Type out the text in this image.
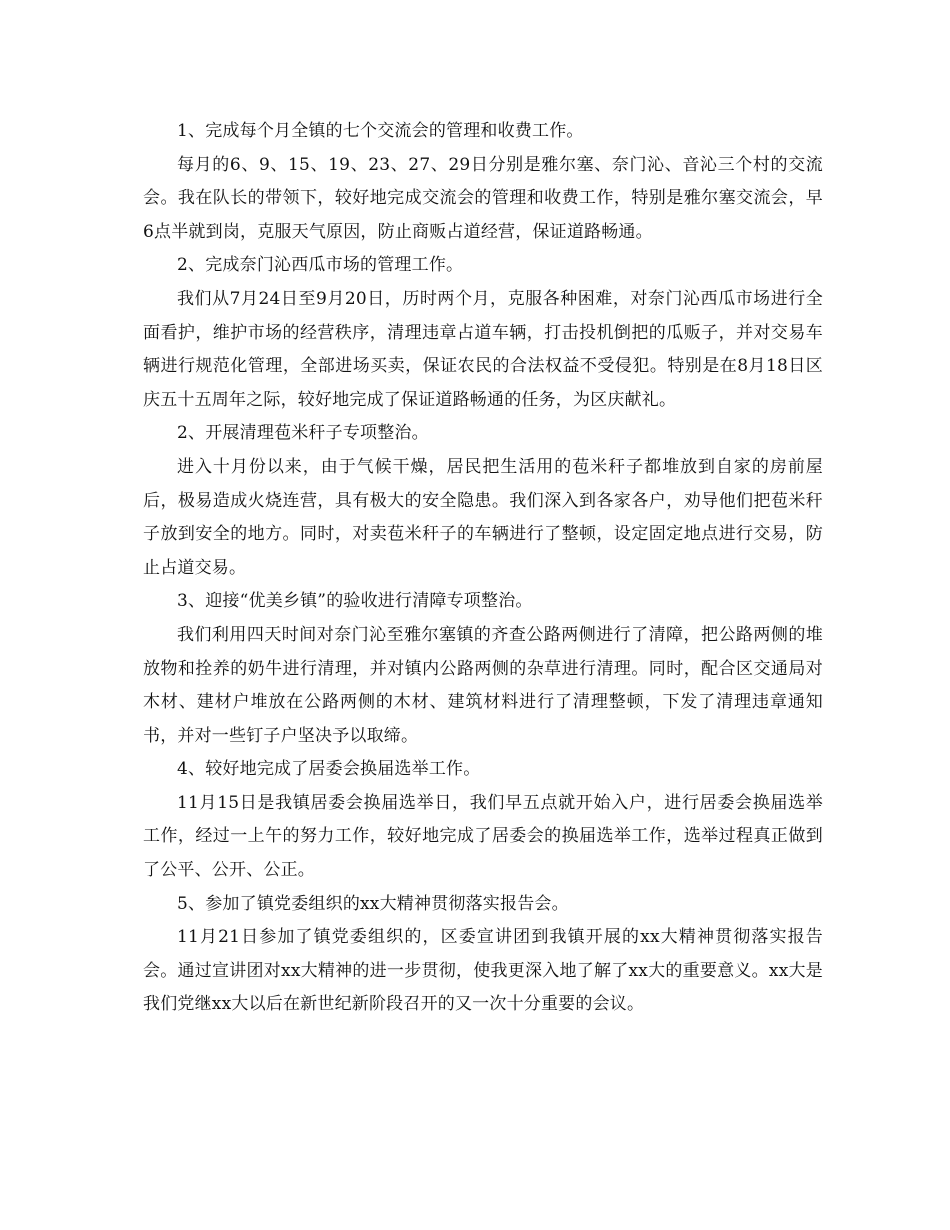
1、完成每个月全镇的七个交流会的管理和收费工作。

每月的6、9、15、19、23、27、29日分别是雅尔塞、奈门沁、音沁三个村的交流会。我在队长的带领下，较好地完成交流会的管理和收费工作，特别是雅尔塞交流会，早6点半就到岗，克服天气原因，防止商贩占道经营，保证道路畅通。

2、完成奈门沁西瓜市场的管理工作。

我们从7月24日至9月20日，历时两个月，克服各种困难，对奈门沁西瓜市场进行全面看护，维护市场的经营秩序，清理违章占道车辆，打击投机倒把的瓜贩子，并对交易车辆进行规范化管理，全部进场买卖，保证农民的合法权益不受侵犯。特别是在8月18日区庆五十五周年之际，较好地完成了保证道路畅通的任务，为区庆献礼。

2、开展清理苞米秆子专项整治。

进入十月份以来，由于气候干燥，居民把生活用的苞米秆子都堆放到自家的房前屋后，极易造成火烧连营，具有极大的安全隐患。我们深入到各家各户，劝导他们把苞米秆子放到安全的地方。同时，对卖苞米秆子的车辆进行了整顿，设定固定地点进行交易，防止占道交易。

3、迎接“优美乡镇”的验收进行清障专项整治。

我们利用四天时间对奈门沁至雅尔塞镇的齐查公路两侧进行了清障，把公路两侧的堆放物和拴养的奶牛进行清理，并对镇内公路两侧的杂草进行清理。同时，配合区交通局对木材、建材户堆放在公路两侧的木材、建筑材料进行了清理整顿，下发了清理违章通知书，并对一些钉子户坚决予以取缔。

4、较好地完成了居委会换届选举工作。

11月15日是我镇居委会换届选举日，我们早五点就开始入户，进行居委会换届选举工作，经过一上午的努力工作，较好地完成了居委会的换届选举工作，选举过程真正做到了公平、公开、公正。

5、参加了镇党委组织的xx大精神贯彻落实报告会。

11月21日参加了镇党委组织的，区委宣讲团到我镇开展的xx大精神贯彻落实报告会。通过宣讲团对xx大精神的进一步贯彻，使我更深入地了解了xx大的重要意义。xx大是我们党继xx大以后在新世纪新阶段召开的又一次十分重要的会议。
